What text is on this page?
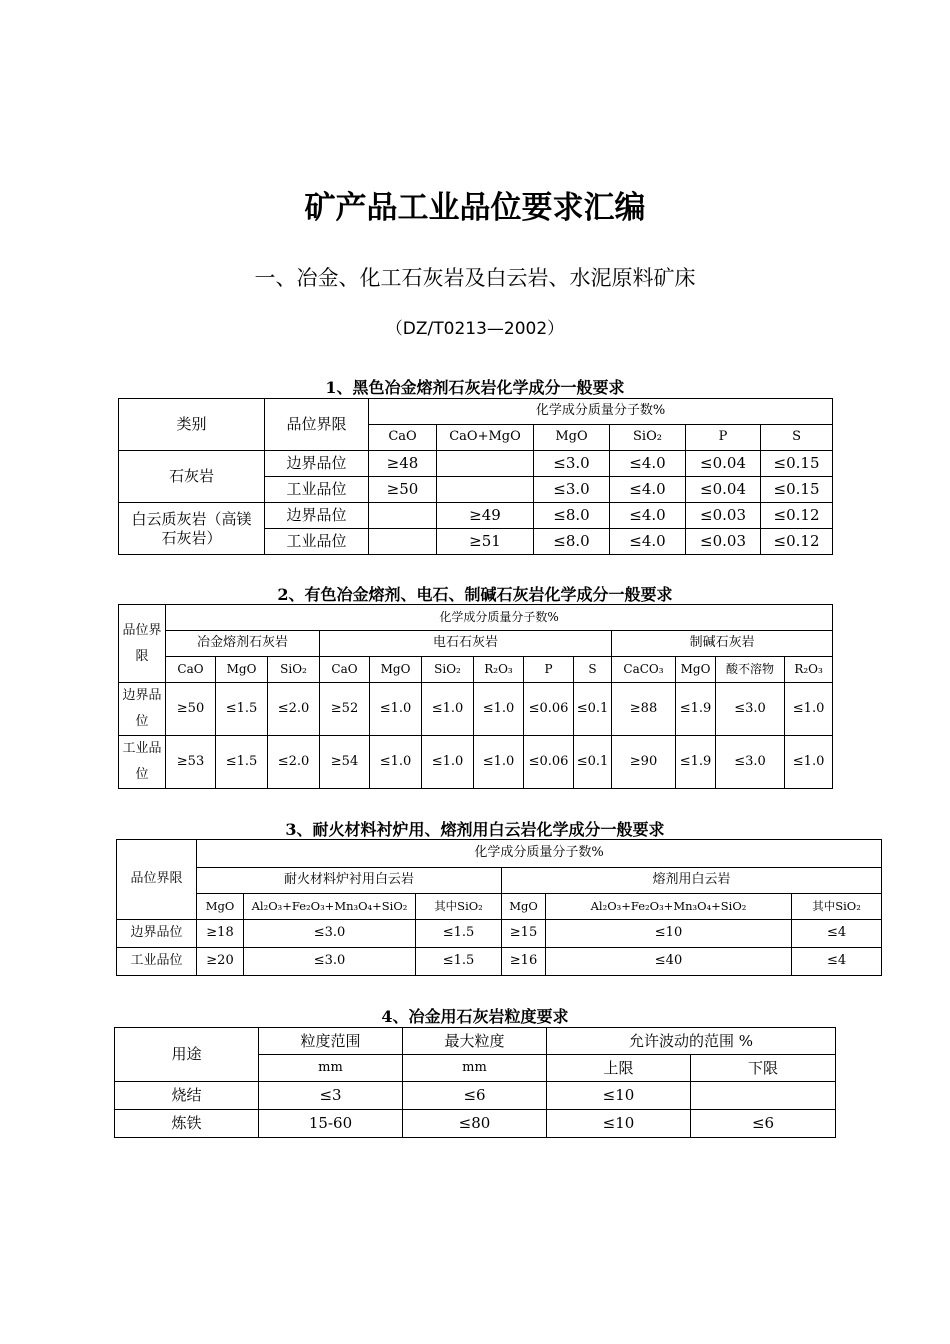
矿产品工业品位要求汇编
一、冶金、化工石灰岩及白云岩、水泥原料矿床
（DZ/T0213—2002）
1、黑色冶金熔剂石灰岩化学成分一般要求
类别	品位界限	化学成分质量分子数%					
		CaO	CaO+MgO	MgO	SiO₂	P	S
石灰岩	边界品位	≥48		≤3.0	≤4.0	≤0.04	≤0.15
	工业品位	≥50		≤3.0	≤4.0	≤0.04	≤0.15
白云质灰岩（高镁石灰岩）	边界品位		≥49	≤8.0	≤4.0	≤0.03	≤0.12
	工业品位		≥51	≤8.0	≤4.0	≤0.03	≤0.12
2、有色冶金熔剂、电石、制碱石灰岩化学成分一般要求
品位界限	化学成分质量分子数%												
	冶金熔剂石灰岩			电石石灰岩						制碱石灰岩			
	CaO	MgO	SiO₂	CaO	MgO	SiO₂	R₂O₃	P	S	CaCO₃	MgO	酸不溶物	R₂O₃
边界品位	≥50	≤1.5	≤2.0	≥52	≤1.0	≤1.0	≤1.0	≤0.06	≤0.1	≥88	≤1.9	≤3.0	≤1.0
工业品位	≥53	≤1.5	≤2.0	≥54	≤1.0	≤1.0	≤1.0	≤0.06	≤0.1	≥90	≤1.9	≤3.0	≤1.0
3、耐火材料衬炉用、熔剂用白云岩化学成分一般要求
品位界限	化学成分质量分子数%					
	耐火材料炉衬用白云岩			熔剂用白云岩		
	MgO	Al₂O₃+Fe₂O₃+Mn₃O₄+SiO₂	其中SiO₂	MgO	Al₂O₃+Fe₂O₃+Mn₃O₄+SiO₂	其中SiO₂
边界品位	≥18	≤3.0	≤1.5	≥15	≤10	≤4
工业品位	≥20	≤3.0	≤1.5	≥16	≤40	≤4
4、冶金用石灰岩粒度要求
用途	粒度范围	最大粒度	允许波动的范围 %	
	mm	mm	上限	下限
烧结	≤3	≤6	≤10	
炼铁	15-60	≤80	≤10	≤6
